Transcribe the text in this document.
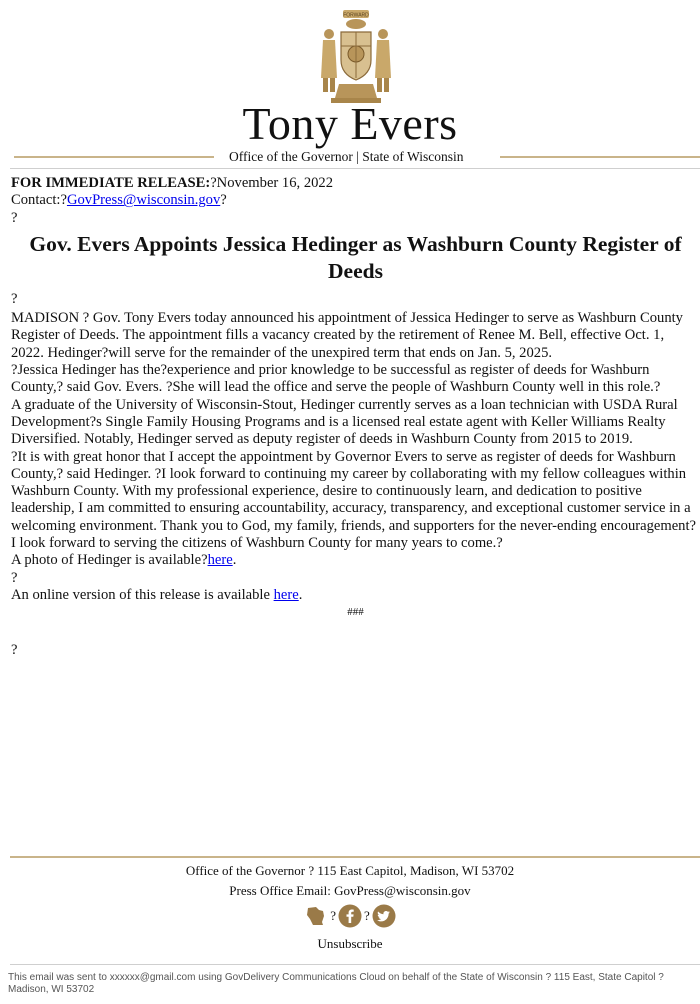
FORWARD
Tony Evers
Office of the Governor | State of Wisconsin

FOR IMMEDIATE RELEASE:?November 16, 2022

Contact:?GovPress@wisconsin.gov?

?

Gov. Evers Appoints Jessica Hedinger as Washburn County Register of Deeds

?

MADISON ? Gov. Tony Evers today announced his appointment of Jessica Hedinger to serve as Washburn County Register of Deeds. The appointment fills a vacancy created by the retirement of Renee M. Bell, effective Oct. 1, 2022. Hedinger?will serve for the remainder of the unexpired term that ends on Jan. 5, 2025.

?Jessica Hedinger has the?experience and prior knowledge to be successful as register of deeds for Washburn County,? said Gov. Evers. ?She will lead the office and serve the people of Washburn County well in this role.?

A graduate of the University of Wisconsin-Stout, Hedinger currently serves as a loan technician with USDA Rural Development?s Single Family Housing Programs and is a licensed real estate agent with Keller Williams Realty Diversified. Notably, Hedinger served as deputy register of deeds in Washburn County from 2015 to 2019.

?It is with great honor that I accept the appointment by Governor Evers to serve as register of deeds for Washburn County,? said Hedinger. ?I look forward to continuing my career by collaborating with my fellow colleagues within Washburn County. With my professional experience, desire to continuously learn, and dedication to positive leadership, I am committed to ensuring accountability, accuracy, transparency, and exceptional customer service in a welcoming environment. Thank you to God, my family, friends, and supporters for the never-ending encouragement?I look forward to serving the citizens of Washburn County for many years to come.?

A photo of Hedinger is available?here.

?

An online version of this release is available here.

###

?

Office of the Governor ? 115 East Capitol, Madison, WI 53702
Press Office Email: GovPress@wisconsin.gov
? ?
Unsubscribe
This email was sent to xxxxxx@gmail.com using GovDelivery Communications Cloud on behalf of the State of Wisconsin ? 115 East, State Capitol ? Madison, WI 53702
